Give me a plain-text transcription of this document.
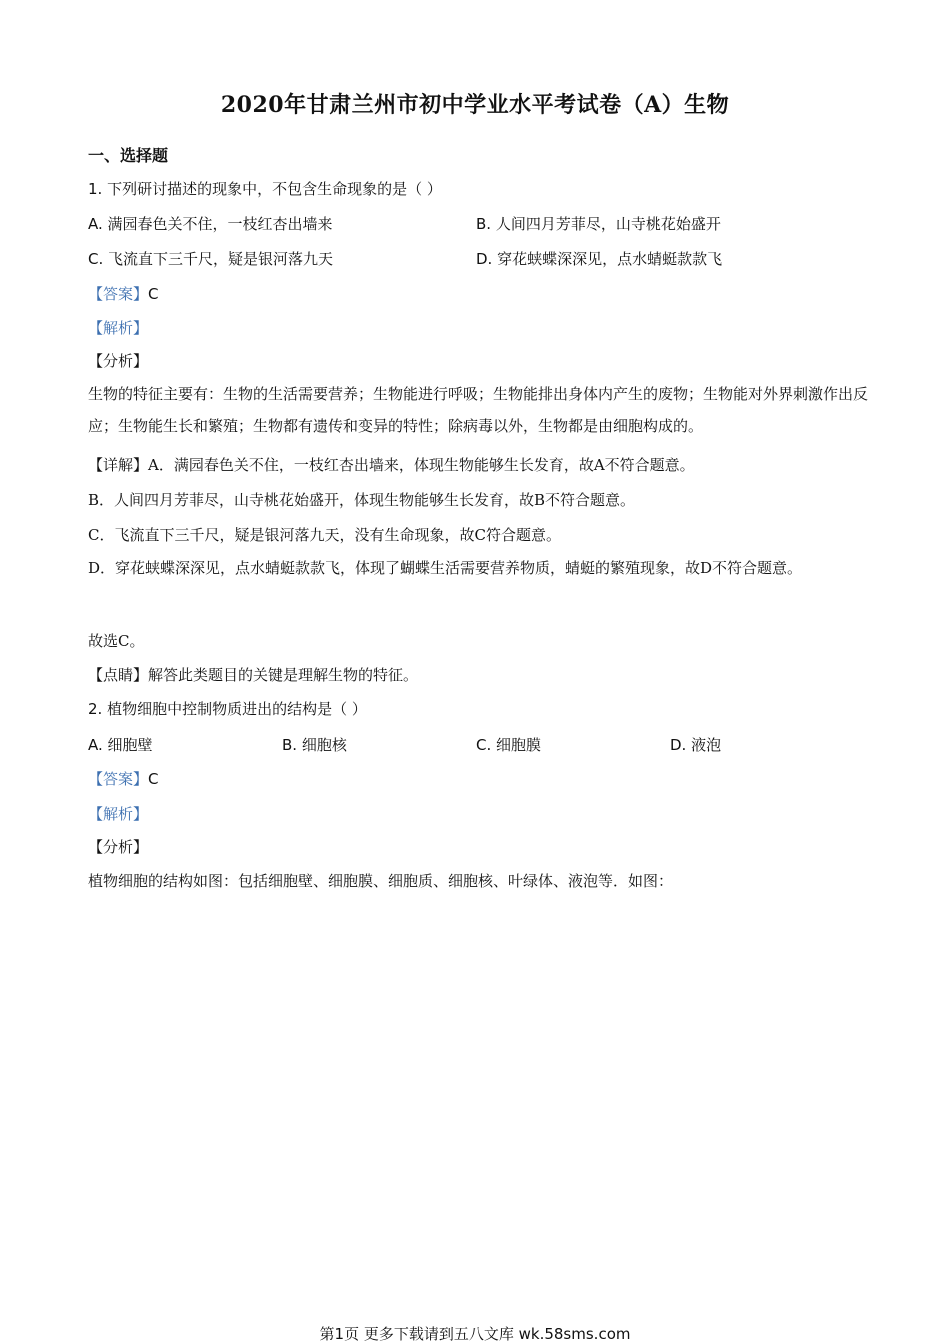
2020年甘肃兰州市初中学业水平考试卷（A）生物
一、选择题
1. 下列研讨描述的现象中，不包含生命现象的是（ ）
A. 满园春色关不住，一枝红杏出墙来	B. 人间四月芳菲尽，山寺桃花始盛开
C. 飞流直下三千尺，疑是银河落九天	D. 穿花蛱蝶深深见，点水蜻蜓款款飞
【答案】C
【解析】
【分析】
生物的特征主要有：生物的生活需要营养；生物能进行呼吸；生物能排出身体内产生的废物；生物能对外界刺激作出反应；生物能生长和繁殖；生物都有遗传和变异的特性；除病毒以外，生物都是由细胞构成的。
【详解】A．满园春色关不住，一枝红杏出墙来，体现生物能够生长发育，故A不符合题意。
B．人间四月芳菲尽，山寺桃花始盛开，体现生物能够生长发育，故B不符合题意。
C．飞流直下三千尺，疑是银河落九天，没有生命现象，故C符合题意。
D．穿花蛱蝶深深见，点水蜻蜓款款飞，体现了蝴蝶生活需要营养物质，蜻蜓的繁殖现象，故D不符合题意。
故选C。
【点睛】解答此类题目的关键是理解生物的特征。
2. 植物细胞中控制物质进出的结构是（ ）
A. 细胞壁	B. 细胞核	C. 细胞膜	D. 液泡
【答案】C
【解析】
【分析】
植物细胞的结构如图：包括细胞壁、细胞膜、细胞质、细胞核、叶绿体、液泡等．如图：
第1页 更多下载请到五八文库 wk.58sms.com
